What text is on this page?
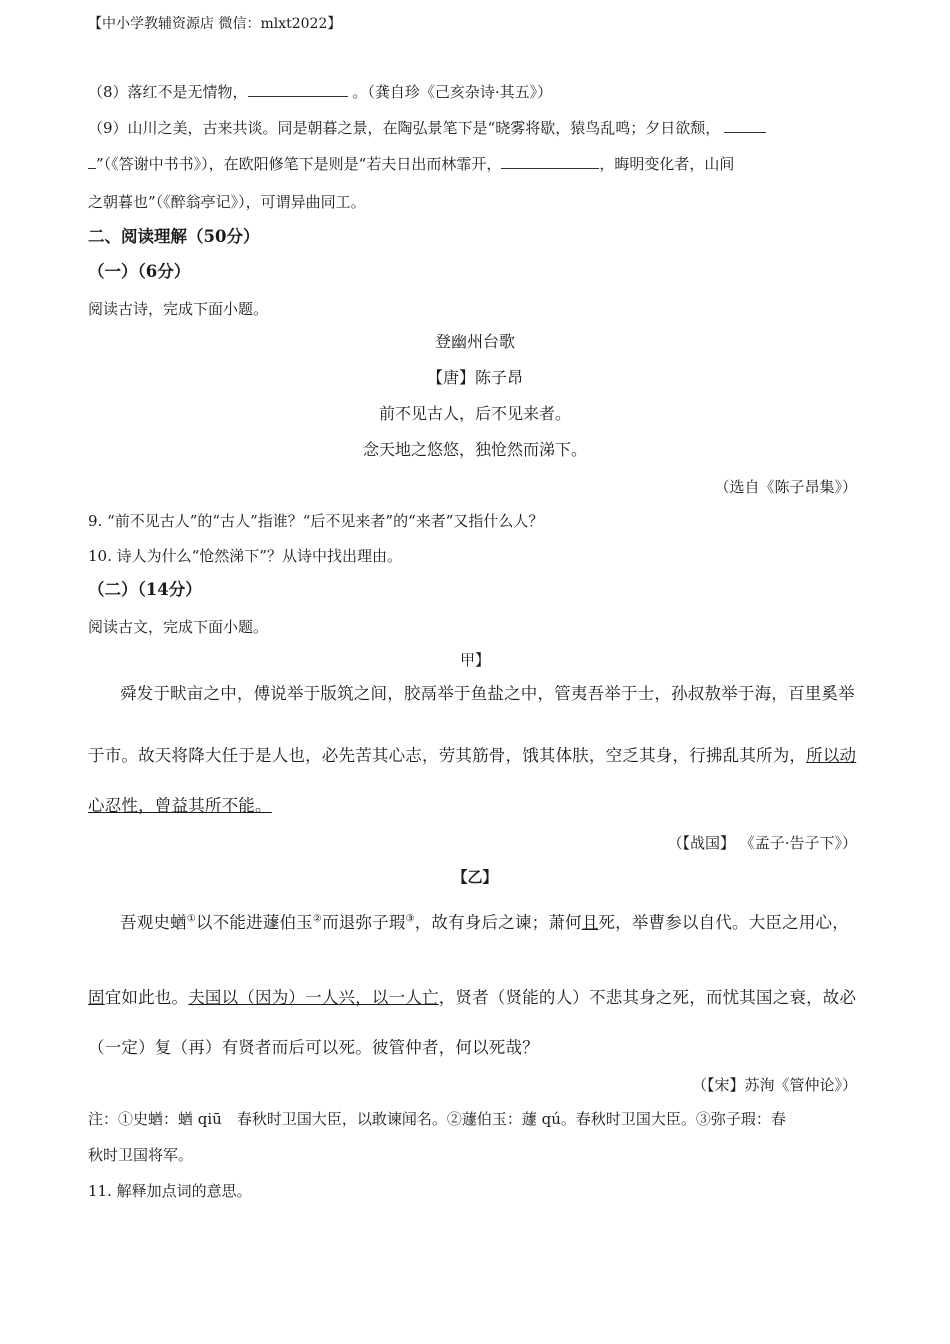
【中小学教辅资源店 微信：mlxt2022】
（8）落红不是无情物，	。（龚自珍《己亥杂诗·其五》）
（9）山川之美，古来共谈。同是朝暮之景，在陶弘景笔下是“晓雾将歇，猿鸟乱鸣；夕日欲颓，
”（《答谢中书书》），在欧阳修笔下是则是“若夫日出而林霏开，	，晦明变化者，山间
之朝暮也”（《醉翁亭记》），可谓异曲同工。
二、阅读理解（50分）
（一）（6分）
阅读古诗，完成下面小题。
登幽州台歌
【唐】陈子昂
前不见古人，后不见来者。
念天地之悠悠，独怆然而涕下。
（选自《陈子昂集》）
9. “前不见古人”的“古人”指谁？“后不见来者”的“来者”又指什么人？
10. 诗人为什么“怆然涕下”？从诗中找出理由。
（二）（14分）
阅读古文，完成下面小题。
甲】
舜发于畎亩之中，傅说举于版筑之间，胶鬲举于鱼盐之中，管夷吾举于士，孙叔敖举于海，百里奚举
于市。故天将降大任于是人也，必先苦其心志，劳其筋骨，饿其体肤，空乏其身，行拂乱其所为，所以动
心忍性，曾益其所不能。
（【战国】 《孟子·告子下》）
【乙】
吾观史蝤①以不能进蘧伯玉②而退弥子瑕③，故有身后之谏；萧何且死，举曹参以自代。大臣之用心，
固宜如此也。夫国以（因为）一人兴，以一人亡，贤者（贤能的人）不悲其身之死，而忧其国之衰，故必
（一定）复（再）有贤者而后可以死。彼管仲者，何以死哉？
（【宋】苏洵《管仲论》）
注：①史蝤：蝤 qiū　春秋时卫国大臣，以敢谏闻名。②蘧伯玉：蘧 qú。春秋时卫国大臣。③弥子瑕：春
秋时卫国将军。
11. 解释加点词的意思。
